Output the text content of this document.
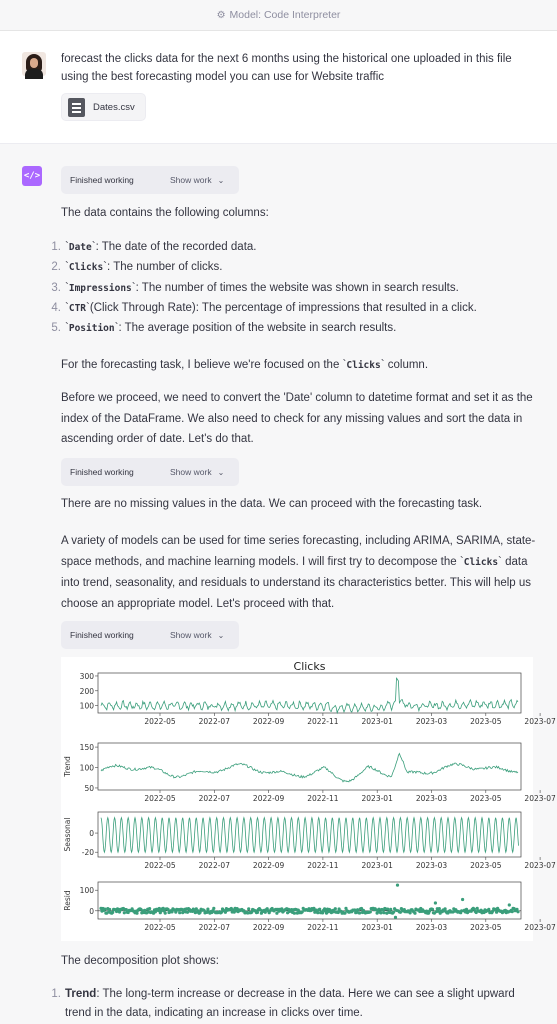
⚙ Model: Code Interpreter
forecast the clicks data for the next 6 months using the historical one uploaded in this file using the best forecasting model you can use for Website traffic
Dates.csv
</>	Finished working	Show work ⌄
The data contains the following columns:
1. `Date` : The date of the recorded data.
2. `Clicks` : The number of clicks.
3. `Impressions` : The number of times the website was shown in search results.
4. `CTR` (Click Through Rate): The percentage of impressions that resulted in a click.
5. `Position` : The average position of the website in search results.
For the forecasting task, I believe we're focused on the `Clicks` column.
Before we proceed, we need to convert the 'Date' column to datetime format and set it as the index of the DataFrame. We also need to check for any missing values and sort the data in ascending order of date. Let's do that.
Finished working	Show work ⌄
There are no missing values in the data. We can proceed with the forecasting task.
A variety of models can be used for time series forecasting, including ARIMA, SARIMA, state-space methods, and machine learning models. I will first try to decompose the `Clicks` data into trend, seasonality, and residuals to understand its characteristics better. This will help us choose an appropriate model. Let's proceed with that.
Finished working	Show work ⌄
Clicks
100
200
300
2022-05	2022-07	2022-09	2022-11	2023-01	2023-03	2023-05	2023-07
50
100
150
Trend
2022-05	2022-07	2022-09	2022-11	2023-01	2023-03	2023-05	2023-07
-20
0
Seasonal
2022-05	2022-07	2022-09	2022-11	2023-01	2023-03	2023-05	2023-07
0
100
Resid
2022-05	2022-07	2022-09	2022-11	2023-01	2023-03	2023-05	2023-07
The decomposition plot shows:
1. Trend: The long-term increase or decrease in the data. Here we can see a slight upward trend in the data, indicating an increase in clicks over time.
